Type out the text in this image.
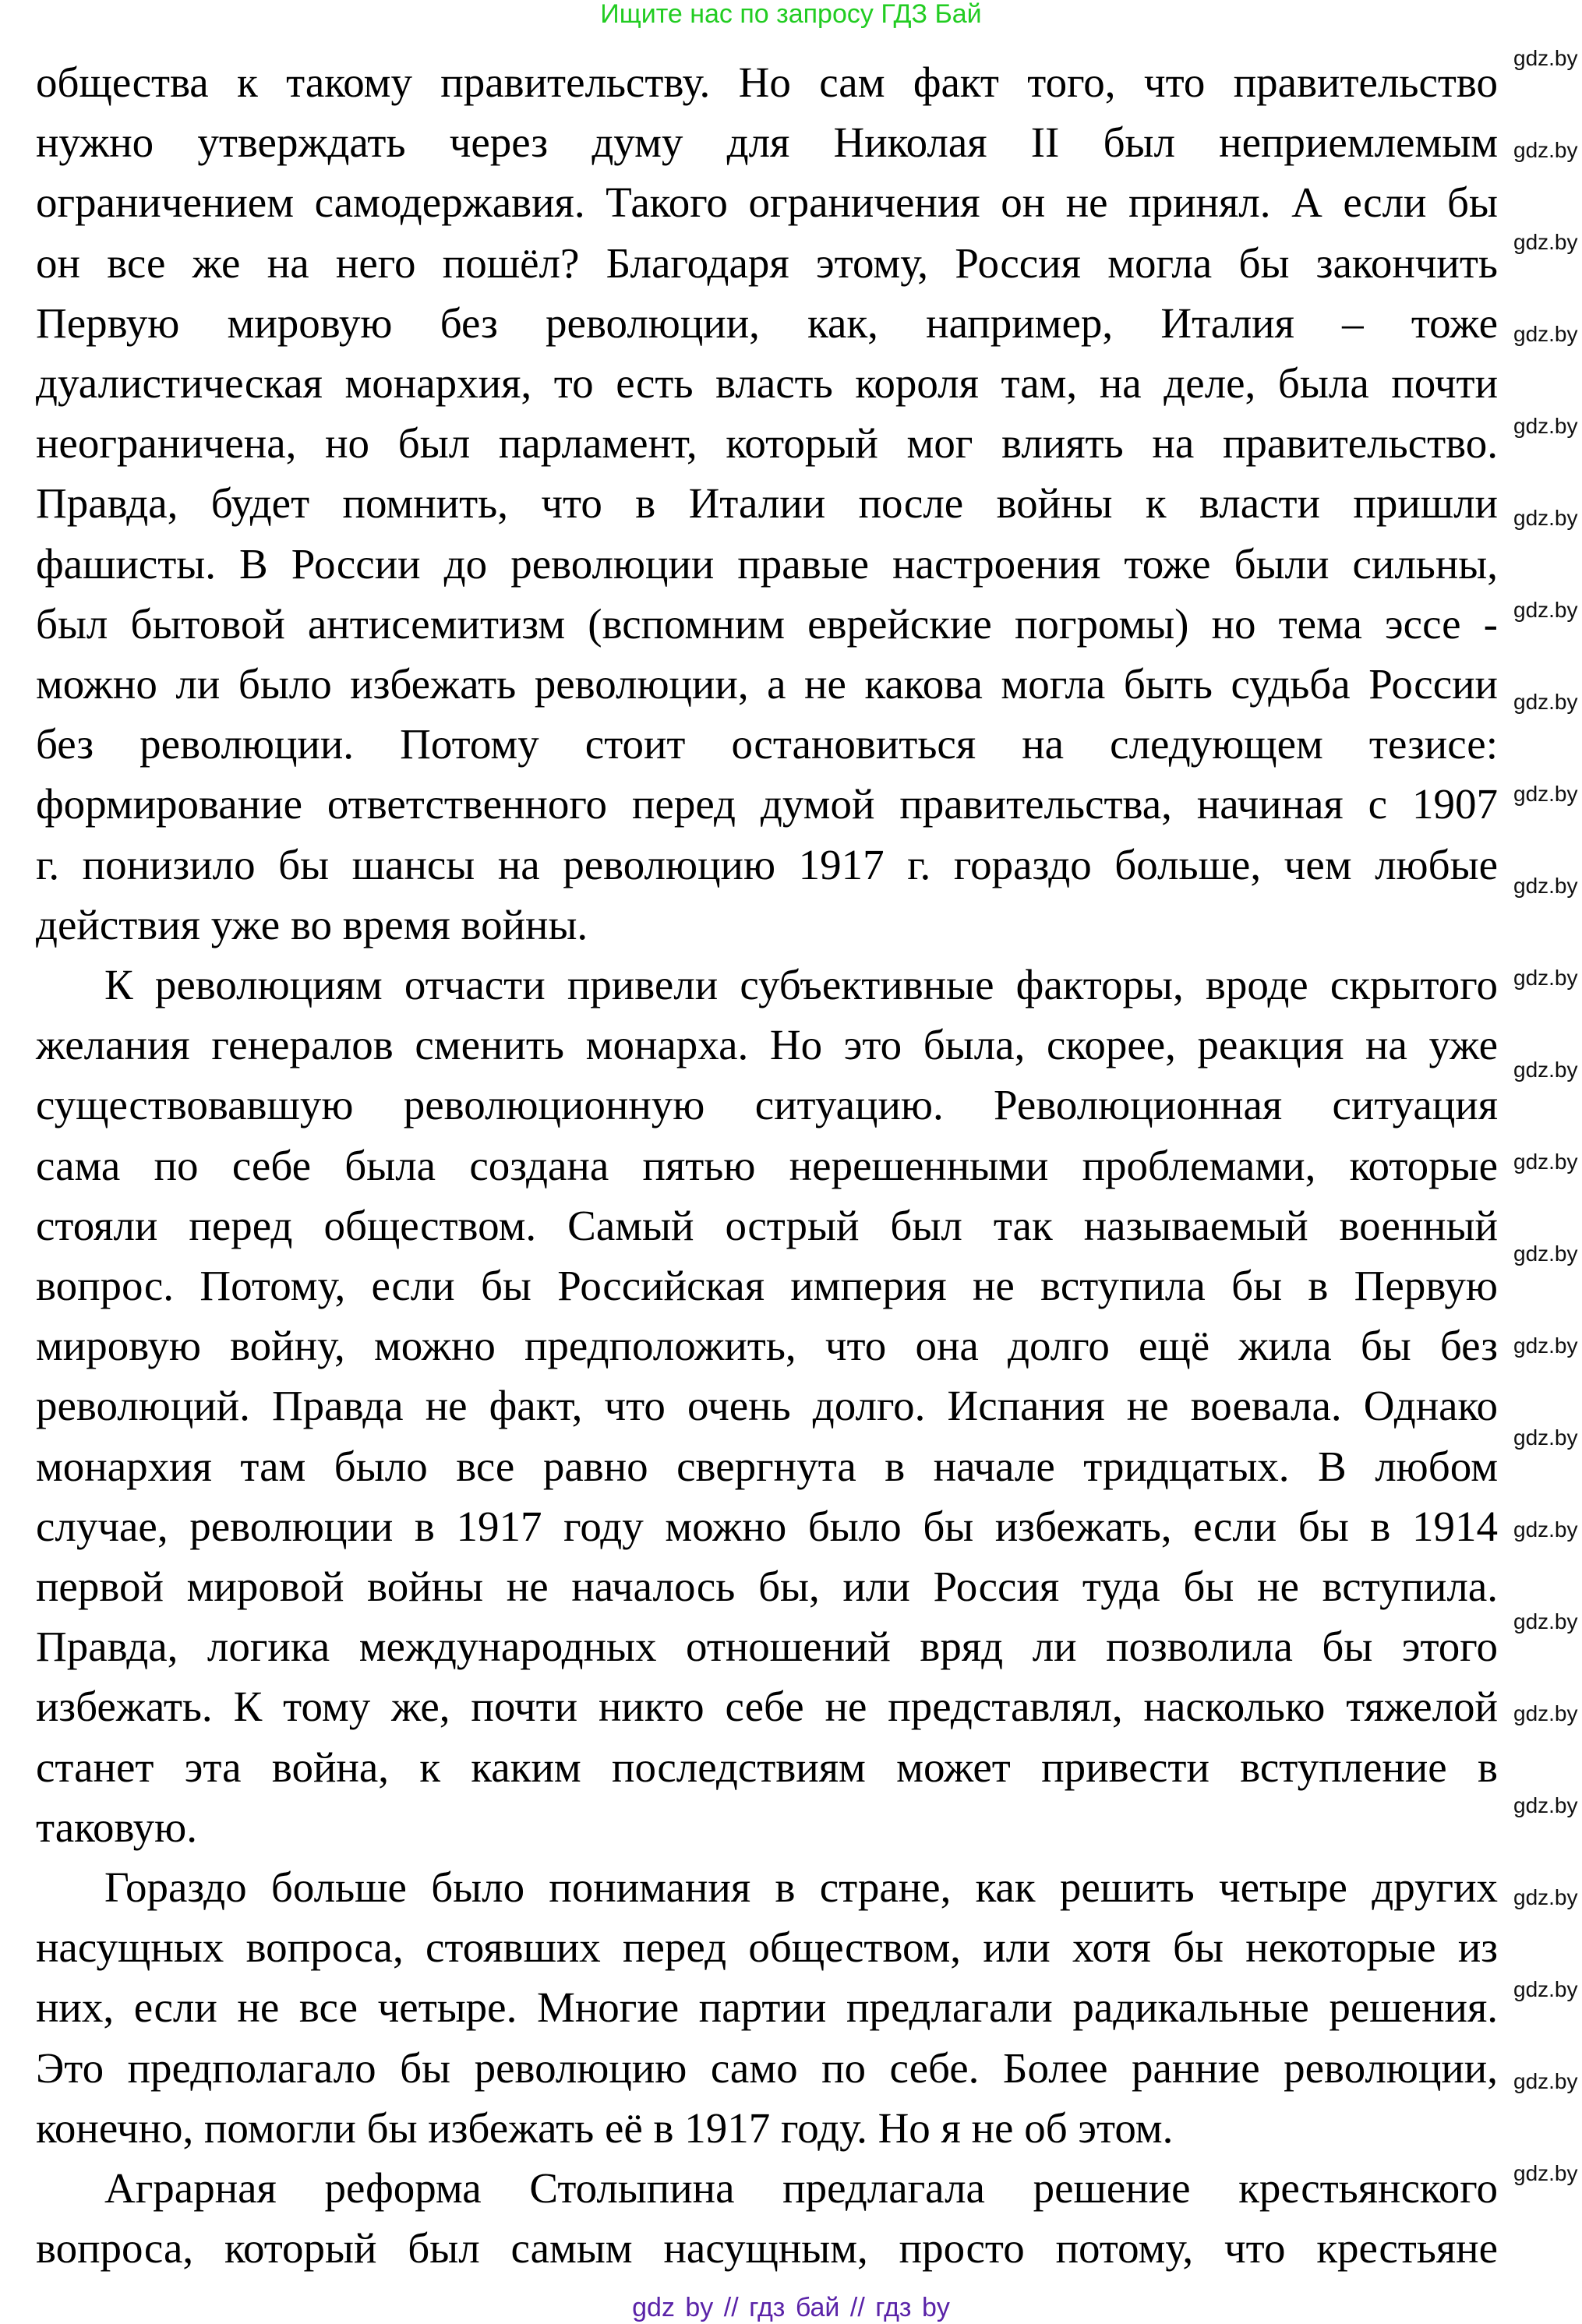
Ищите нас по запросу ГДЗ Бай
общества к такому правительству. Но сам факт того, что правительство
нужно утверждать через думу для Николая II был неприемлемым
ограничением самодержавия. Такого ограничения он не принял. А если бы
он все же на него пошёл? Благодаря этому, Россия могла бы закончить
Первую мировую без революции, как, например, Италия – тоже
дуалистическая монархия, то есть власть короля там, на деле, была почти
неограничена, но был парламент, который мог влиять на правительство.
Правда, будет помнить, что в Италии после войны к власти пришли
фашисты. В России до революции правые настроения тоже были сильны,
был бытовой антисемитизм (вспомним еврейские погромы) но тема эссе -
можно ли было избежать революции, а не какова могла быть судьба России
без революции. Потому стоит остановиться на следующем тезисе:
формирование ответственного перед думой правительства, начиная с 1907
г. понизило бы шансы на революцию 1917 г. гораздо больше, чем любые
действия уже во время войны.
К революциям отчасти привели субъективные факторы, вроде скрытого
желания генералов сменить монарха. Но это была, скорее, реакция на уже
существовавшую революционную ситуацию. Революционная ситуация
сама по себе была создана пятью нерешенными проблемами, которые
стояли перед обществом. Самый острый был так называемый военный
вопрос. Потому, если бы Российская империя не вступила бы в Первую
мировую войну, можно предположить, что она долго ещё жила бы без
революций. Правда не факт, что очень долго. Испания не воевала. Однако
монархия там было все равно свергнута в начале тридцатых. В любом
случае, революции в 1917 году можно было бы избежать, если бы в 1914
первой мировой войны не началось бы, или Россия туда бы не вступила.
Правда, логика международных отношений вряд ли позволила бы этого
избежать. К тому же, почти никто себе не представлял, насколько тяжелой
станет эта война, к каким последствиям может привести вступление в
таковую.
Гораздо больше было понимания в стране, как решить четыре других
насущных вопроса, стоявших перед обществом, или хотя бы некоторые из
них, если не все четыре. Многие партии предлагали радикальные решения.
Это предполагало бы революцию само по себе. Более ранние революции,
конечно, помогли бы избежать её в 1917 году. Но я не об этом.
Аграрная реформа Столыпина предлагала решение крестьянского
вопроса, который был самым насущным, просто потому, что крестьяне
gdz.by
gdz.by
gdz.by
gdz.by
gdz.by
gdz.by
gdz.by
gdz.by
gdz.by
gdz.by
gdz.by
gdz.by
gdz.by
gdz.by
gdz.by
gdz.by
gdz.by
gdz.by
gdz.by
gdz.by
gdz.by
gdz.by
gdz.by
gdz.by
gdz by // гдз бай // гдз by
